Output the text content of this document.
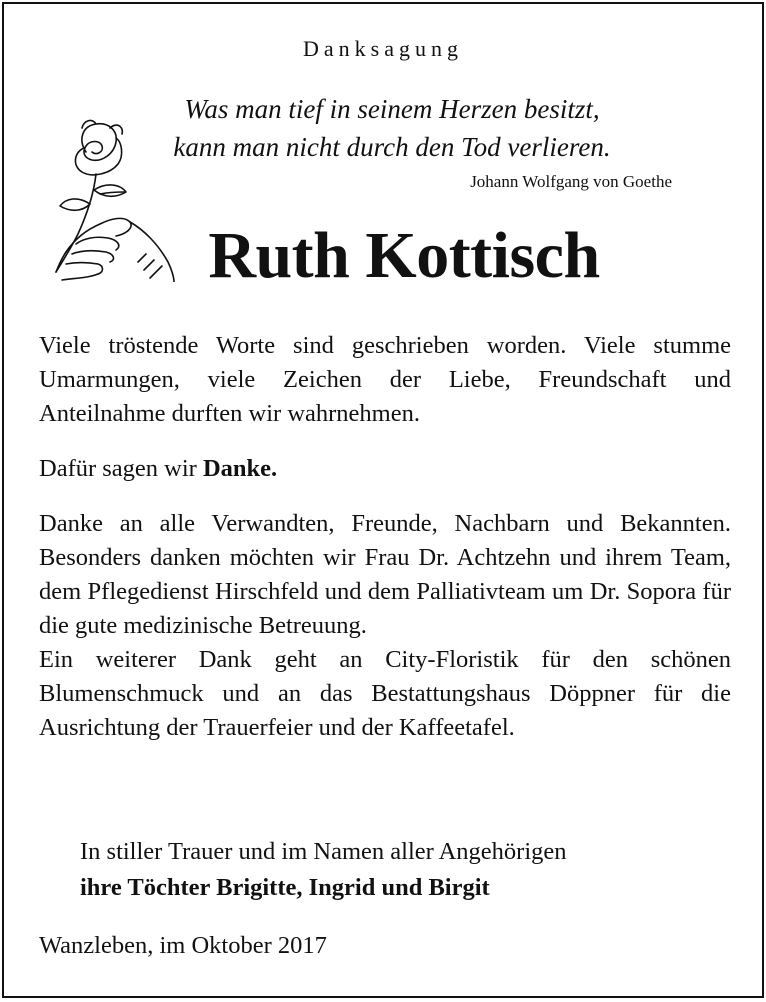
Danksagung
Was man tief in seinem Herzen besitzt,
kann man nicht durch den Tod verlieren.
Johann Wolfgang von Goethe
Ruth Kottisch

Viele tröstende Worte sind geschrieben worden. Viele stumme Umarmungen, viele Zeichen der Liebe, Freundschaft und Anteilnahme durften wir wahrnehmen.

Dafür sagen wir Danke.

Danke an alle Verwandten, Freunde, Nachbarn und Bekannten. Besonders danken möchten wir Frau Dr. Achtzehn und ihrem Team, dem Pflegedienst Hirschfeld und dem Palliativteam um Dr. Sopora für die gute medizinische Betreuung.

Ein weiterer Dank geht an City-Floristik für den schönen Blumenschmuck und an das Bestattungshaus Döppner für die Ausrichtung der Trauerfeier und der Kaffeetafel.

In stiller Trauer und im Namen aller Angehörigen
ihre Töchter Brigitte, Ingrid und Birgit
Wanzleben, im Oktober 2017
